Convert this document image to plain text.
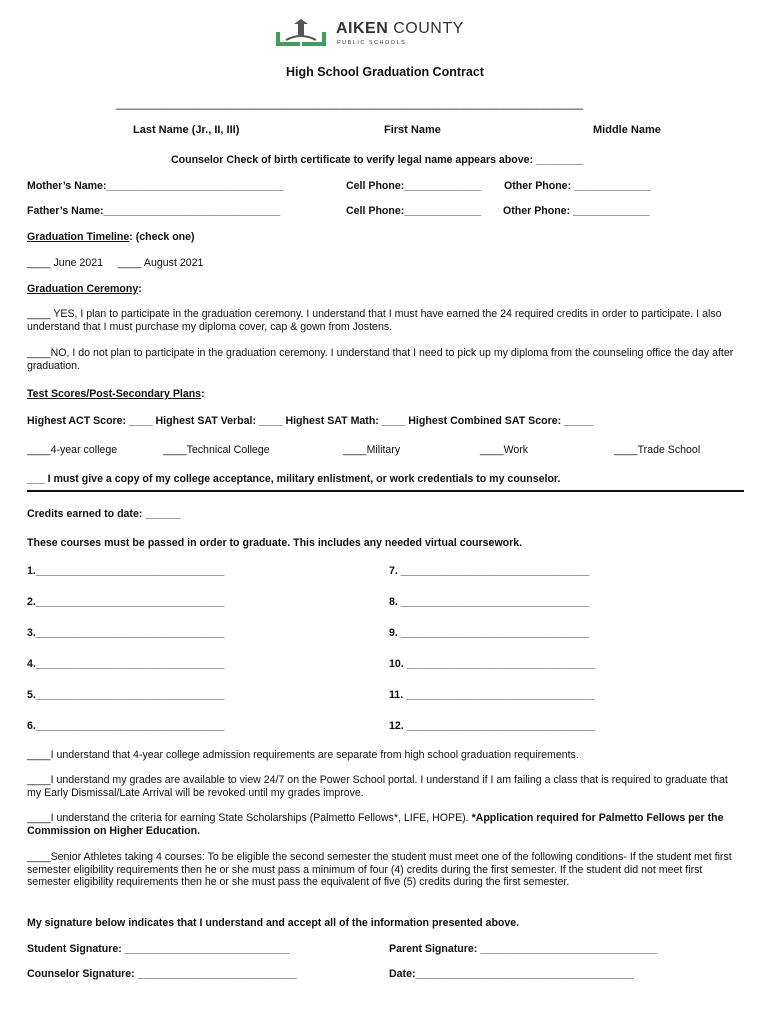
AIKEN COUNTY
PUBLIC SCHOOLS
High School Graduation Contract
______________________________________________________________________
Last Name (Jr., II, III)	First Name	Middle Name
Counselor Check of birth certificate to verify legal name appears above: ________
Mother’s Name:______________________________	Cell Phone:_____________ Other Phone: _____________
Father’s Name:______________________________	Cell Phone:_____________ Other Phone: _____________
Graduation Timeline: (check one)
____ June 2021 ____ August 2021
Graduation Ceremony:
____ YES, I plan to participate in the graduation ceremony. I understand that I must have earned the 24 required credits in order to participate. I also understand that I must purchase my diploma cover, cap & gown from Jostens.
____NO, I do not plan to participate in the graduation ceremony. I understand that I need to pick up my diploma from the counseling office the day after graduation.
Test Scores/Post-Secondary Plans:
Highest ACT Score: ____ Highest SAT Verbal: ____ Highest SAT Math: ____ Highest Combined SAT Score: _____
____4-year college	____Technical College	____Military	____Work	____Trade School
___ I must give a copy of my college acceptance, military enlistment, or work credentials to my counselor.
Credits earned to date: ______
These courses must be passed in order to graduate. This includes any needed virtual coursework.
1.________________________________
2.________________________________
3.________________________________
4.________________________________
5.________________________________
6.________________________________
7. ________________________________
8. ________________________________
9. ________________________________
10. ________________________________
11. ________________________________
12. ________________________________
____I understand that 4-year college admission requirements are separate from high school graduation requirements.
____I understand my grades are available to view 24/7 on the Power School portal. I understand if I am failing a class that is required to graduate that my Early Dismissal/Late Arrival will be revoked until my grades improve.
____I understand the criteria for earning State Scholarships (Palmetto Fellows*, LIFE, HOPE). *Application required for Palmetto Fellows per the Commission on Higher Education.
____Senior Athletes taking 4 courses: To be eligible the second semester the student must meet one of the following conditions- If the student met first semester eligibility requirements then he or she must pass a minimum of four (4) credits during the first semester. If the student did not meet first semester eligibility requirements then he or she must pass the equivalent of five (5) credits during the first semester.
My signature below indicates that I understand and accept all of the information presented above.
Student Signature: ____________________________	Parent Signature: ______________________________
Counselor Signature: ___________________________	Date:_____________________________________
